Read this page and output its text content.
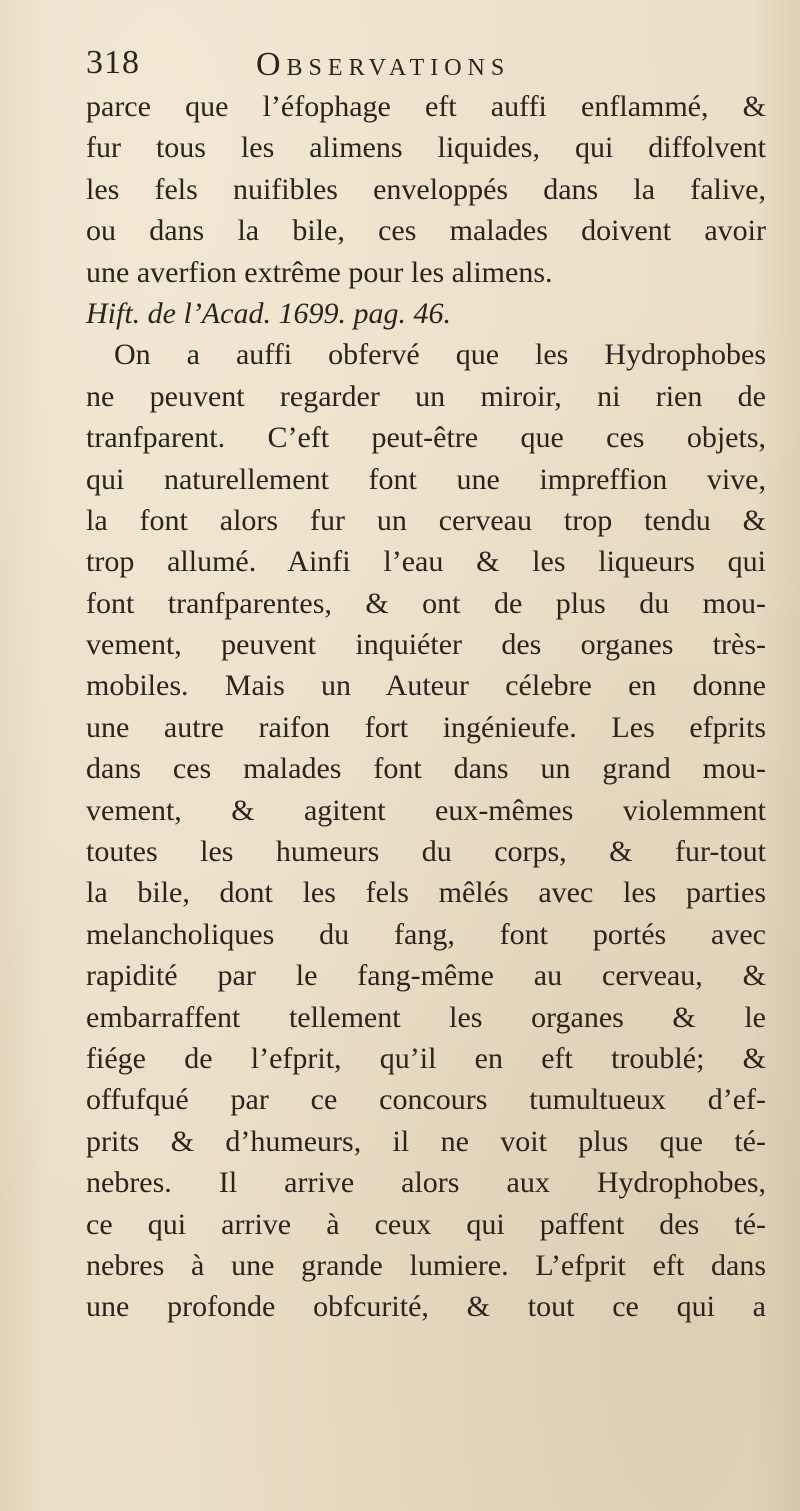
318	Observations
parce que l’éfophage eft auffi enflammé, &
fur tous les alimens liquides, qui diffolvent
les fels nuifibles enveloppés dans la falive,
ou dans la bile, ces malades doivent avoir
une averfion extrême pour les alimens.
Hift. de l’Acad. 1699. pag. 46.
On a auffi obfervé que les Hydrophobes
ne peuvent regarder un miroir, ni rien de
tranfparent. C’eft peut-être que ces objets,
qui naturellement font une impreffion vive,
la font alors fur un cerveau trop tendu &
trop allumé. Ainfi l’eau & les liqueurs qui
font tranfparentes, & ont de plus du mou-
vement, peuvent inquiéter des organes très-
mobiles. Mais un Auteur célebre en donne
une autre raifon fort ingénieufe. Les efprits
dans ces malades font dans un grand mou-
vement, & agitent eux-mêmes violemment
toutes les humeurs du corps, & fur-tout
la bile, dont les fels mêlés avec les parties
melancholiques du fang, font portés avec
rapidité par le fang-même au cerveau, &
embarraffent tellement les organes & le
fiége de l’efprit, qu’il en eft troublé; &
offufqué par ce concours tumultueux d’ef-
prits & d’humeurs, il ne voit plus que té-
nebres. Il arrive alors aux Hydrophobes,
ce qui arrive à ceux qui paffent des té-
nebres à une grande lumiere. L’efprit eft dans
une profonde obfcurité, & tout ce qui a
